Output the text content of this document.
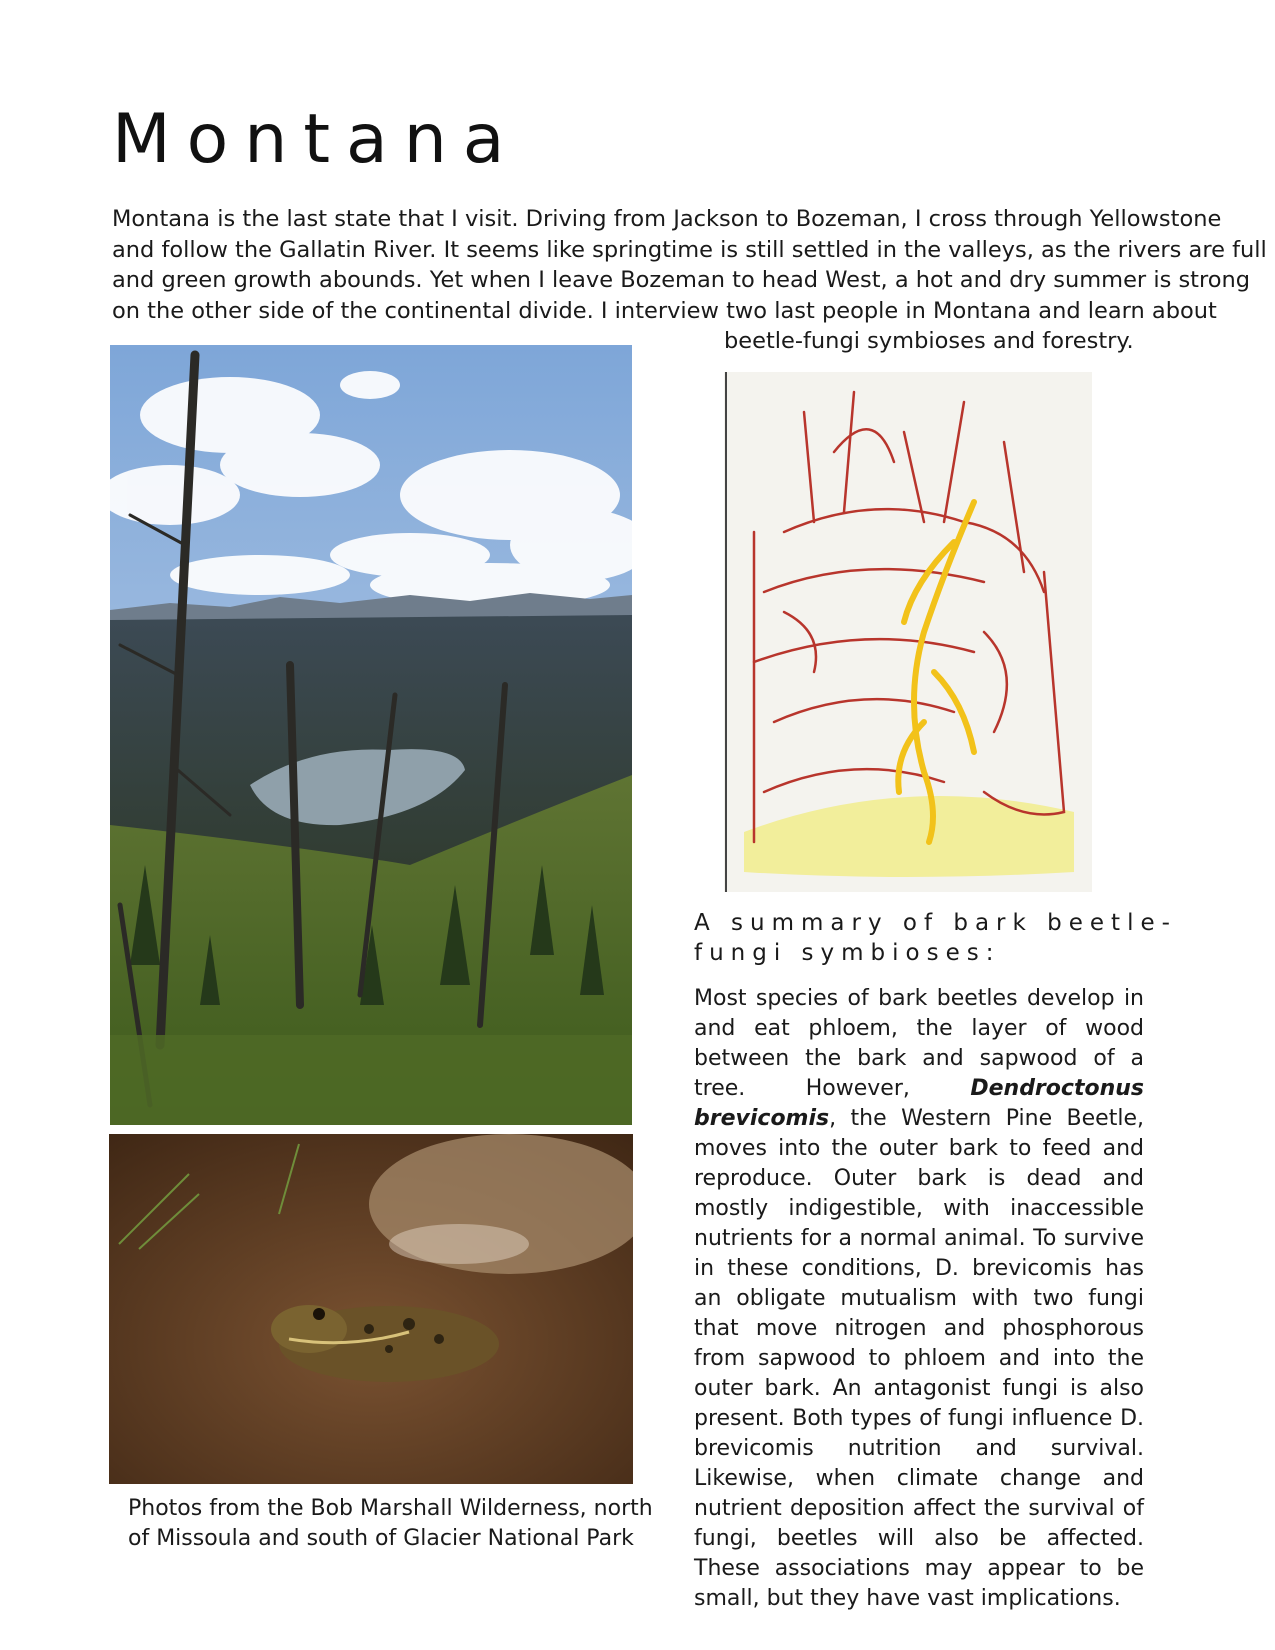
Montana

Montana is the last state that I visit. Driving from Jackson to Bozeman, I cross through Yellowstone
and follow the Gallatin River. It seems like springtime is still settled in the valleys, as the rivers are full
and green growth abounds. Yet when I leave Bozeman to head West, a hot and dry summer is strong
on the other side of the continental divide. I interview two last people in Montana and learn about
beetle-fungi symbioses and forestry.

Photos from the Bob Marshall Wilderness, north
of Missoula and south of Glacier National Park

A summary of bark beetle-
fungi symbioses:

Most species of bark beetles develop in and eat phloem, the layer of wood between the bark and sapwood of a tree. However, Dendroctonus brevicomis, the Western Pine Beetle, moves into the outer bark to feed and reproduce. Outer bark is dead and mostly indigestible, with inaccessible nutrients for a normal animal. To survive in these conditions, D. brevicomis has an obligate mutualism with two fungi that move nitrogen and phosphorous from sapwood to phloem and into the outer bark. An antagonist fungi is also present. Both types of fungi influence D. brevicomis nutrition and survival. Likewise, when climate change and nutrient deposition affect the survival of fungi, beetles will also be affected. These associations may appear to be small, but they have vast implications.
